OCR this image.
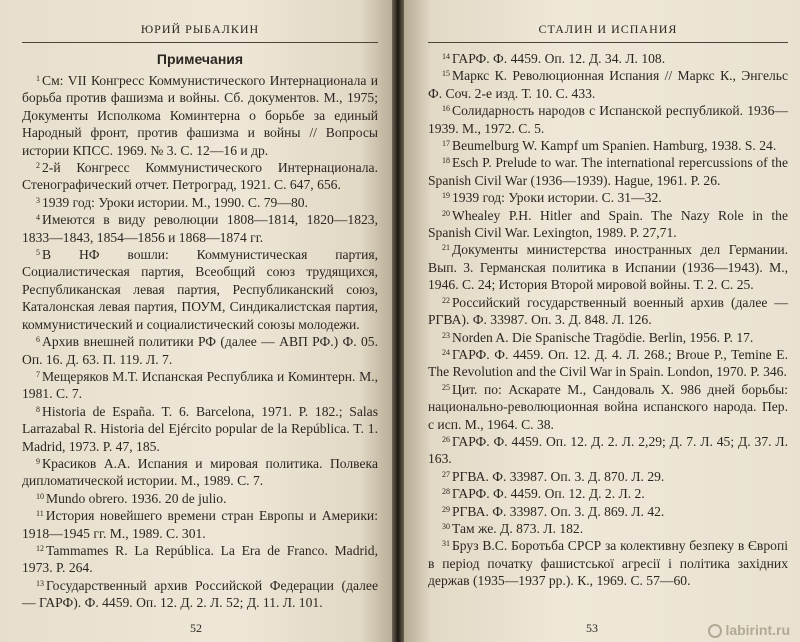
ЮРИЙ РЫБАЛКИН
Примечания

$^1$ См: VII Конгресс Коммунистического Интернационала и борьба против фашизма и войны. Сб. документов. М., 1975; Документы Исполкома Коминтерна о борьбе за единый Народный фронт, против фашизма и войны // Вопросы истории КПСС. 1969. № 3. С. 12—16 и др.

$^2$ 2-й Конгресс Коммунистического Интернационала. Стенографический отчет. Петроград, 1921. С. 647, 656.

$^3$ 1939 год: Уроки истории. М., 1990. С. 79—80.

$^4$ Имеются в виду революции 1808—1814, 1820—1823, 1833—1843, 1854—1856 и 1868—1874 гг.

$^5$ В НФ вошли: Коммунистическая партия, Социалистическая партия, Всеобщий союз трудящихся, Республиканская левая партия, Республиканский союз, Каталонская левая партия, ПОУМ, Синдикалистская партия, коммунистический и социалистический союзы молодежи.

$^6$ Архив внешней политики РФ (далее — АВП РФ.) Ф. 05. Оп. 16. Д. 63. П. 119. Л. 7.

$^7$ Мещеряков М.Т. Испанская Республика и Коминтерн. М., 1981. С. 7.

$^8$ Historia de España. T. 6. Barcelona, 1971. P. 182.; Salas Larrazabal R. Historia del Ejército popular de la República. T. 1. Madrid, 1973. P. 47, 185.

$^9$ Красиков А.А. Испания и мировая политика. Полвека дипломатической истории. М., 1989. С. 7.

$^{10}$ Mundo obrero. 1936. 20 de julio.

$^{11}$ История новейшего времени стран Европы и Америки: 1918—1945 гг. М., 1989. С. 301.

$^{12}$ Tammames R. La República. La Era de Franco. Madrid, 1973. P. 264.

$^{13}$ Государственный архив Российской Федерации (далее — ГАРФ). Ф. 4459. Оп. 12. Д. 2. Л. 52; Д. 11. Л. 101.

52
СТАЛИН И ИСПАНИЯ

$^{14}$ ГАРФ. Ф. 4459. Оп. 12. Д. 34. Л. 108.

$^{15}$ Маркс К. Революционная Испания // Маркс К., Энгельс Ф. Соч. 2-е изд. Т. 10. С. 433.

$^{16}$ Солидарность народов с Испанской республикой. 1936—1939. М., 1972. С. 5.

$^{17}$ Beumelburg W. Kampf um Spanien. Hamburg, 1938. S. 24.

$^{18}$ Esch P. Prelude to war. The international repercussions of the Spanish Civil War (1936—1939). Hague, 1961. P. 26.

$^{19}$ 1939 год: Уроки истории. С. 31—32.

$^{20}$ Whealey P.H. Hitler and Spain. The Nazy Role in the Spanish Civil War. Lexington, 1989. P. 27,71.

$^{21}$ Документы министерства иностранных дел Германии. Вып. 3. Германская политика в Испании (1936—1943). М., 1946. С. 24; История Второй мировой войны. Т. 2. С. 25.

$^{22}$ Российский государственный военный архив (далее — РГВА). Ф. 33987. Оп. 3. Д. 848. Л. 126.

$^{23}$ Norden A. Die Spanische Tragödie. Berlin, 1956. P. 17.

$^{24}$ ГАРФ. Ф. 4459. Оп. 12. Д. 4. Л. 268.; Broue P., Temine E. The Revolution and the Civil War in Spain. London, 1970. P. 346.

$^{25}$ Цит. по: Аскарате М., Сандоваль Х. 986 дней борьбы: национально-революционная война испанского народа. Пер. с исп. М., 1964. С. 38.

$^{26}$ ГАРФ. Ф. 4459. Оп. 12. Д. 2. Л. 2,29; Д. 7. Л. 45; Д. 37. Л. 163.

$^{27}$ РГВА. Ф. 33987. Оп. 3. Д. 870. Л. 29.

$^{28}$ ГАРФ. Ф. 4459. Оп. 12. Д. 2. Л. 2.

$^{29}$ РГВА. Ф. 33987. Оп. 3. Д. 869. Л. 42.

$^{30}$ Там же. Д. 873. Л. 182.

$^{31}$ Бруз В.С. Боротьба СРСР за колективну безпеку в Європі в період початку фашистської агресії і політика західних держав (1935—1937 рр.). К., 1969. С. 57—60.

53	labirint.ru
